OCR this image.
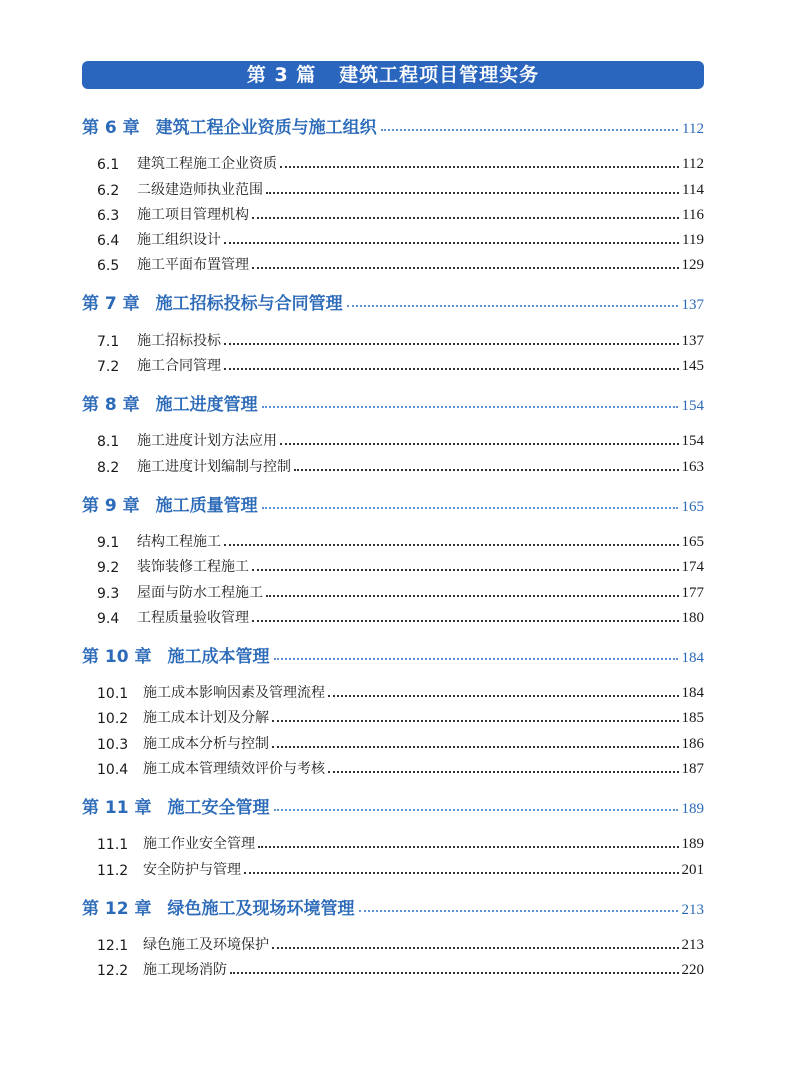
第 3 篇 建筑工程项目管理实务
第 6 章 建筑工程企业资质与施工组织	112
6.1	建筑工程施工企业资质	112
6.2	二级建造师执业范围	114
6.3	施工项目管理机构	116
6.4	施工组织设计	119
6.5	施工平面布置管理	129
第 7 章 施工招标投标与合同管理	137
7.1	施工招标投标	137
7.2	施工合同管理	145
第 8 章 施工进度管理	154
8.1	施工进度计划方法应用	154
8.2	施工进度计划编制与控制	163
第 9 章 施工质量管理	165
9.1	结构工程施工	165
9.2	装饰装修工程施工	174
9.3	屋面与防水工程施工	177
9.4	工程质量验收管理	180
第 10 章 施工成本管理	184
10.1	施工成本影响因素及管理流程	184
10.2	施工成本计划及分解	185
10.3	施工成本分析与控制	186
10.4	施工成本管理绩效评价与考核	187
第 11 章 施工安全管理	189
11.1	施工作业安全管理	189
11.2	安全防护与管理	201
第 12 章 绿色施工及现场环境管理	213
12.1	绿色施工及环境保护	213
12.2	施工现场消防	220
